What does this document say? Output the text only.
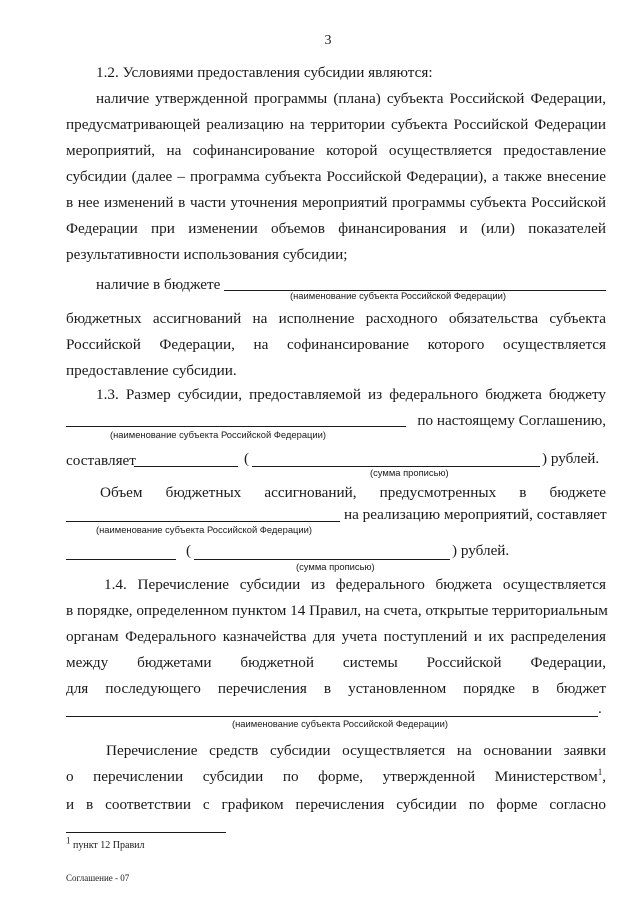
3
1.2. Условиями предоставления субсидии являются:
наличие утвержденной программы (плана) субъекта Российской Федерации,
предусматривающей реализацию на территории субъекта Российской Федерации
мероприятий, на софинансирование которой осуществляется предоставление
субсидии (далее – программа субъекта Российской Федерации), а также внесение
в нее изменений в части уточнения мероприятий программы субъекта Российской
Федерации при изменении объемов финансирования и (или) показателей
результативности использования субсидии;
наличие в бюджете
(наименование субъекта Российской Федерации)
бюджетных ассигнований на исполнение расходного обязательства субъекта
Российской Федерации, на софинансирование которого осуществляется
предоставление субсидии.
1.3. Размер субсидии, предоставляемой из федерального бюджета бюджету
по настоящему Соглашению,
(наименование субъекта Российской Федерации)
составляет	(	) рублей.
(сумма прописью)
Объем бюджетных ассигнований, предусмотренных в бюджете
на реализацию мероприятий, составляет
(наименование субъекта Российской Федерации)
(	) рублей.
(сумма прописью)
1.4. Перечисление субсидии из федерального бюджета осуществляется
в порядке, определенном пунктом 14 Правил, на счета, открытые территориальным
органам Федерального казначейства для учета поступлений и их распределения
между бюджетами бюджетной системы Российской Федерации,
для последующего перечисления в установленном порядке в бюджет
.
(наименование субъекта Российской Федерации)
Перечисление средств субсидии осуществляется на основании заявки
о перечислении субсидии по форме, утвержденной Министерством$^1$,
и в соответствии с графиком перечисления субсидии по форме согласно
$^1$ пункт 12 Правил
Соглашение - 07
